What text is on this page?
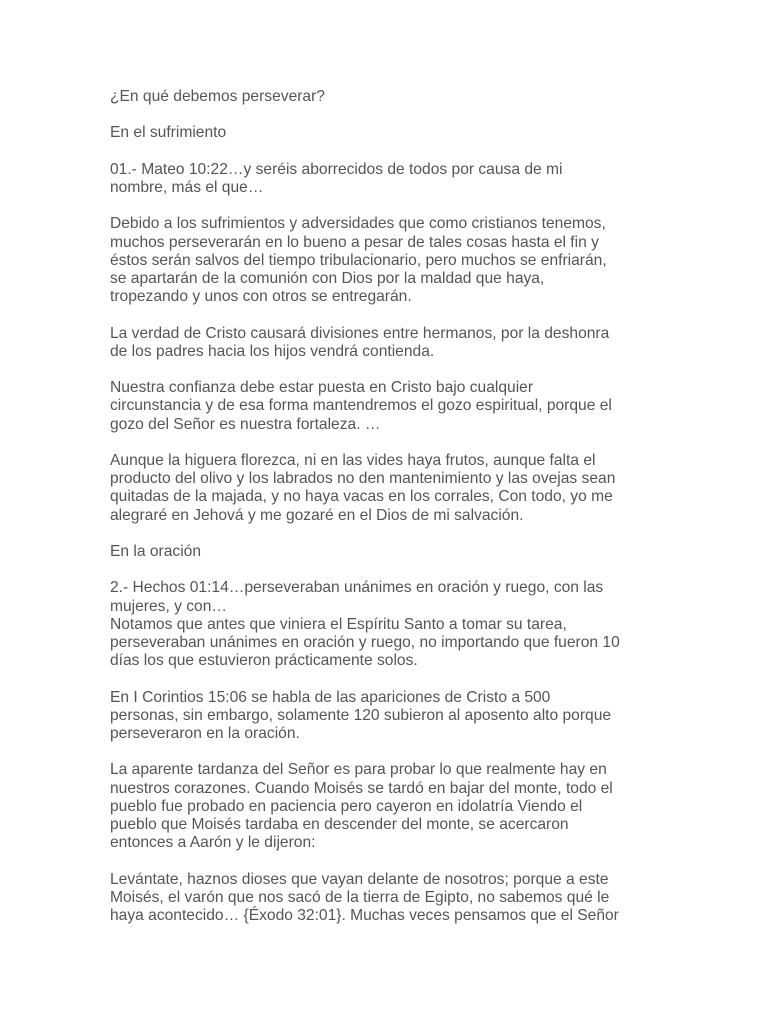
¿En qué debemos perseverar?

En el sufrimiento

01.- Mateo 10:22…y seréis aborrecidos de todos por causa de mi
nombre, más el que…

Debido a los sufrimientos y adversidades que como cristianos tenemos,
muchos perseverarán en lo bueno a pesar de tales cosas hasta el fin y
éstos serán salvos del tiempo tribulacionario, pero muchos se enfriarán,
se apartarán de la comunión con Dios por la maldad que haya,
tropezando y unos con otros se entregarán.

La verdad de Cristo causará divisiones entre hermanos, por la deshonra
de los padres hacia los hijos vendrá contienda.

Nuestra confianza debe estar puesta en Cristo bajo cualquier
circunstancia y de esa forma mantendremos el gozo espiritual, porque el
gozo del Señor es nuestra fortaleza. …

Aunque la higuera florezca, ni en las vides haya frutos, aunque falta el
producto del olivo y los labrados no den mantenimiento y las ovejas sean
quitadas de la majada, y no haya vacas en los corrales, Con todo, yo me
alegraré en Jehová y me gozaré en el Dios de mi salvación.

En la oración

2.- Hechos 01:14…perseveraban unánimes en oración y ruego, con las
mujeres, y con…

Notamos que antes que viniera el Espíritu Santo a tomar su tarea,
perseveraban unánimes en oración y ruego, no importando que fueron 10
días los que estuvieron prácticamente solos.

En I Corintios 15:06 se habla de las apariciones de Cristo a 500
personas, sin embargo, solamente 120 subieron al aposento alto porque
perseveraron en la oración.

La aparente tardanza del Señor es para probar lo que realmente hay en
nuestros corazones. Cuando Moisés se tardó en bajar del monte, todo el
pueblo fue probado en paciencia pero cayeron en idolatría Viendo el
pueblo que Moisés tardaba en descender del monte, se acercaron
entonces a Aarón y le dijeron:

Levántate, haznos dioses que vayan delante de nosotros; porque a este
Moisés, el varón que nos sacó de la tierra de Egipto, no sabemos qué le
haya acontecido… {Éxodo 32:01}. Muchas veces pensamos que el Señor
